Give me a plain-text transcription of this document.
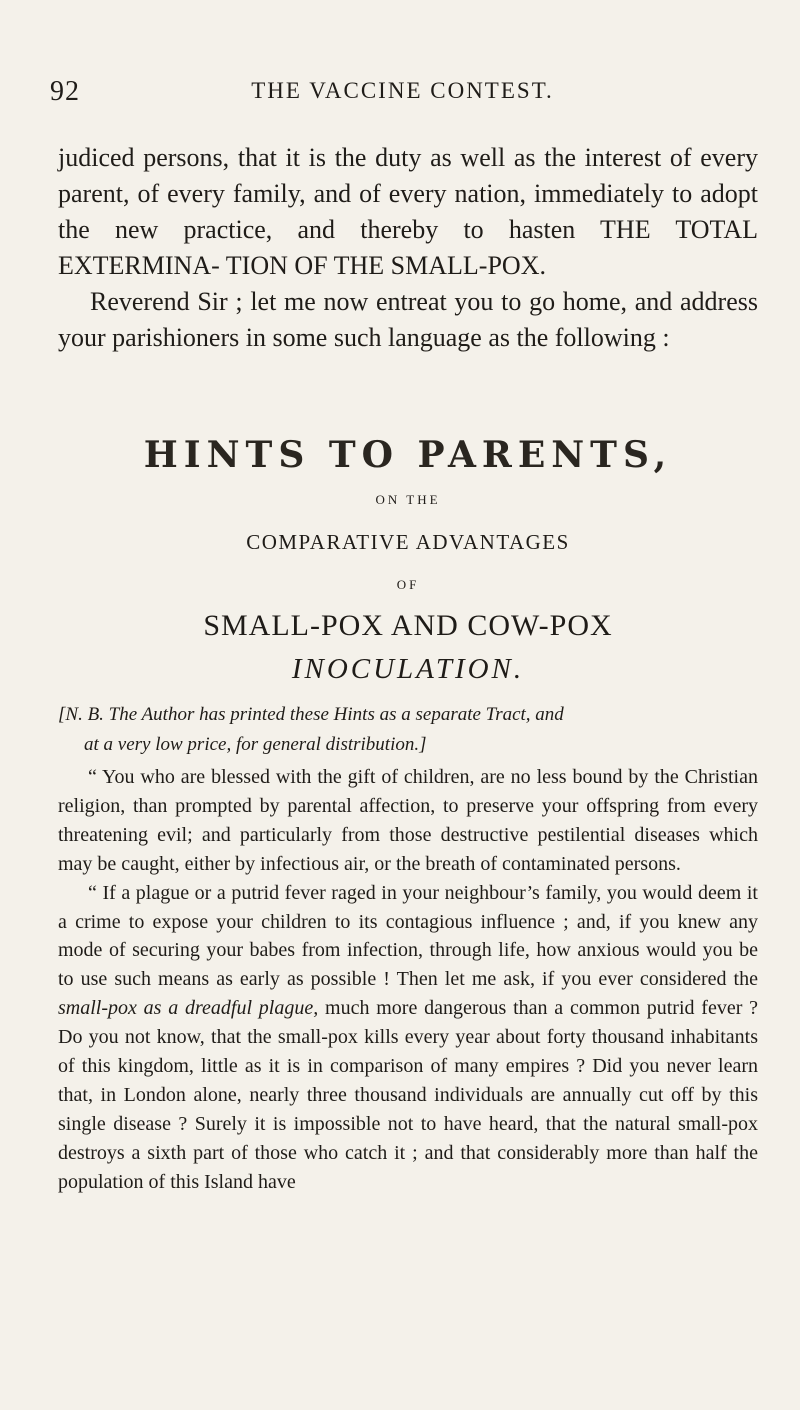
92	THE VACCINE CONTEST.

judiced persons, that it is the duty as well as the interest of every parent, of every family, and of every nation, immediately to adopt the new practice, and thereby to hasten THE TOTAL EXTERMINA- TION OF THE SMALL-POX.

Reverend Sir ; let me now entreat you to go home, and address your parishioners in some such language as the following :

HINTS TO PARENTS,
ON THE
COMPARATIVE ADVANTAGES
OF
SMALL-POX AND COW-POX
INOCULATION.
[N. B. The Author has printed these Hints as a separate Tract, and
at a very low price, for general distribution.]

“ You who are blessed with the gift of children, are no less bound by the Christian religion, than prompted by parental affection, to preserve your offspring from every threatening evil; and particularly from those destructive pestilential diseases which may be caught, either by infectious air, or the breath of contaminated persons.

“ If a plague or a putrid fever raged in your neighbour’s family, you would deem it a crime to expose your children to its contagious influence ; and, if you knew any mode of securing your babes from infection, through life, how anxious would you be to use such means as early as possible ! Then let me ask, if you ever considered the small-pox as a dreadful plague, much more dangerous than a common putrid fever ? Do you not know, that the small-pox kills every year about forty thousand inhabitants of this kingdom, little as it is in comparison of many empires ? Did you never learn that, in London alone, nearly three thousand individuals are annually cut off by this single disease ? Surely it is impossible not to have heard, that the natural small-pox destroys a sixth part of those who catch it ; and that considerably more than half the population of this Island have
